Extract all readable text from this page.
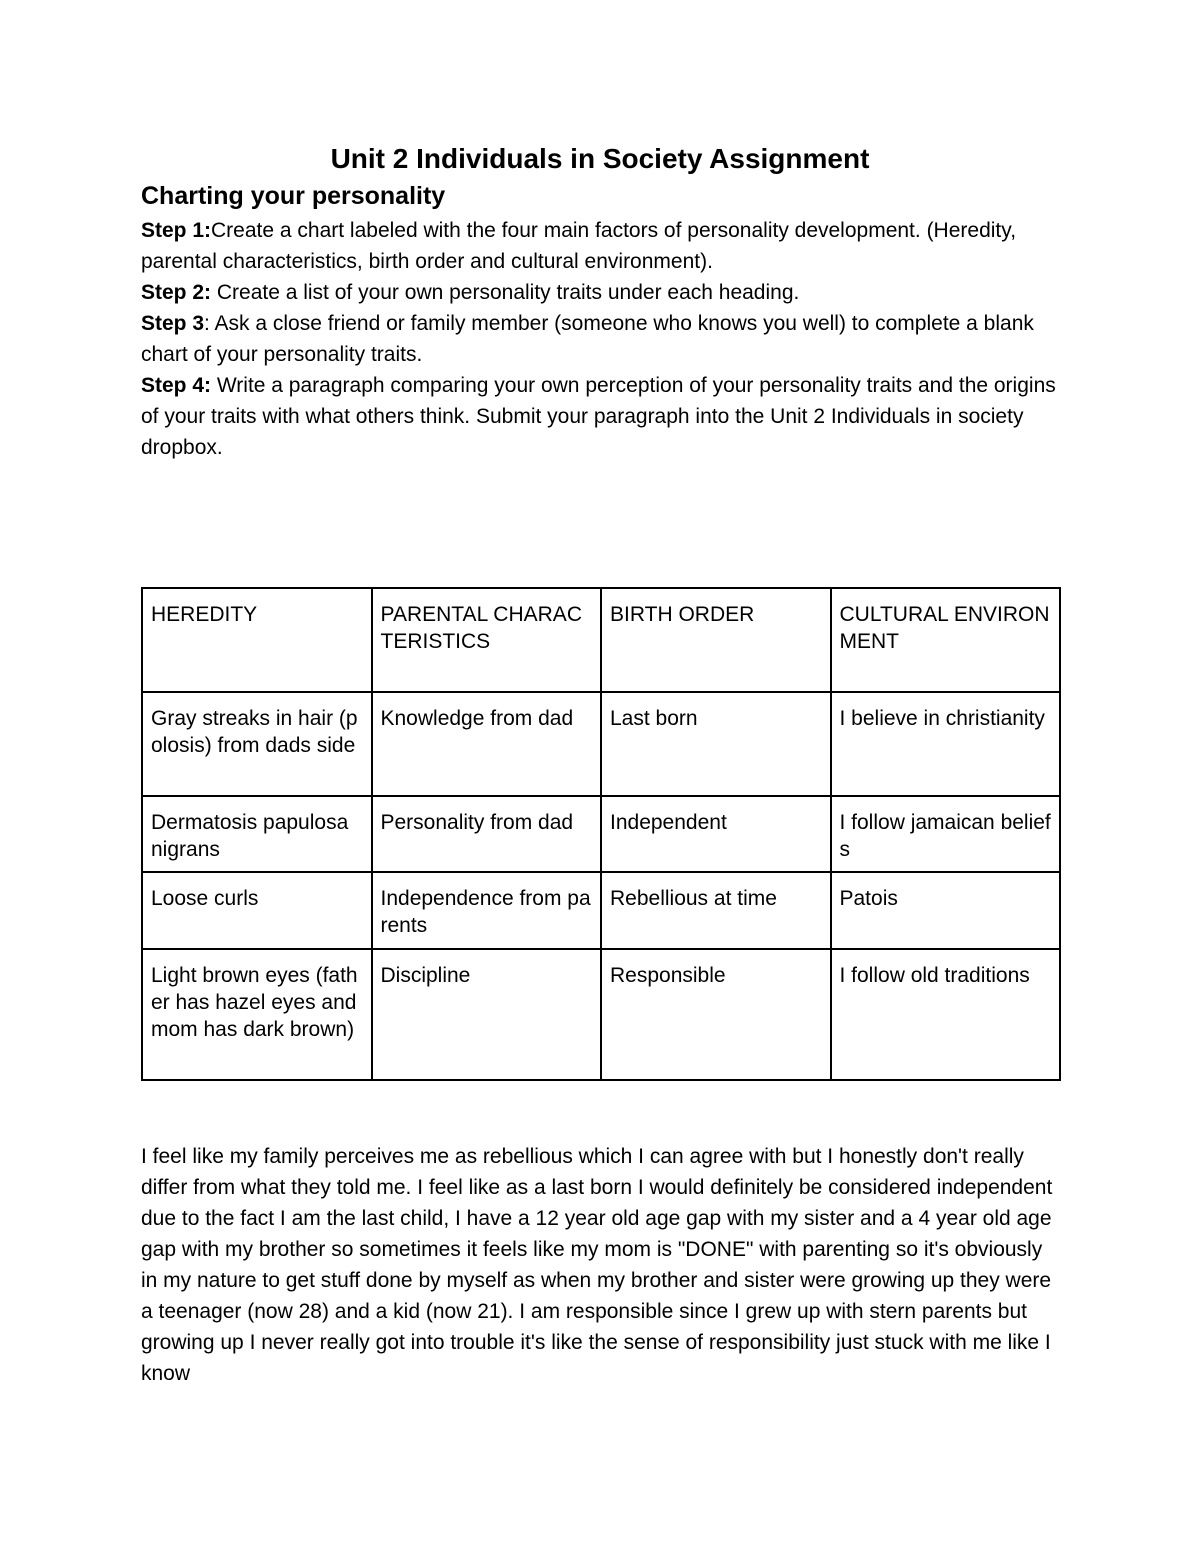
Unit 2 Individuals in Society Assignment
Charting your personality

Step 1:Create a chart labeled with the four main factors of personality development. (Heredity, parental characteristics, birth order and cultural environment).

Step 2: Create a list of your own personality traits under each heading.

Step 3: Ask a close friend or family member (someone who knows you well) to complete a blank chart of your personality traits.

Step 4: Write a paragraph comparing your own perception of your personality traits and the origins of your traits with what others think. Submit your paragraph into the Unit 2 Individuals in society dropbox.

HEREDITY	PARENTAL CHARACTERISTICS	BIRTH ORDER	CULTURAL ENVIRONMENT
Gray streaks in hair (polosis) from dads side	Knowledge from dad	Last born	I believe in christianity
Dermatosis papulosa nigrans	Personality from dad	Independent	I follow jamaican beliefs
Loose curls	Independence from parents	Rebellious at time	Patois
Light brown eyes (father has hazel eyes and mom has dark brown)	Discipline	Responsible	I follow old traditions

I feel like my family perceives me as rebellious which I can agree with but I honestly don't really differ from what they told me. I feel like as a last born I would definitely be considered independent due to the fact I am the last child, I have a 12 year old age gap with my sister and a 4 year old age gap with my brother so sometimes it feels like my mom is "DONE" with parenting so it's obviously in my nature to get stuff done by myself as when my brother and sister were growing up they were a teenager (now 28) and a kid (now 21). I am responsible since I grew up with stern parents but growing up I never really got into trouble it's like the sense of responsibility just stuck with me like I know
